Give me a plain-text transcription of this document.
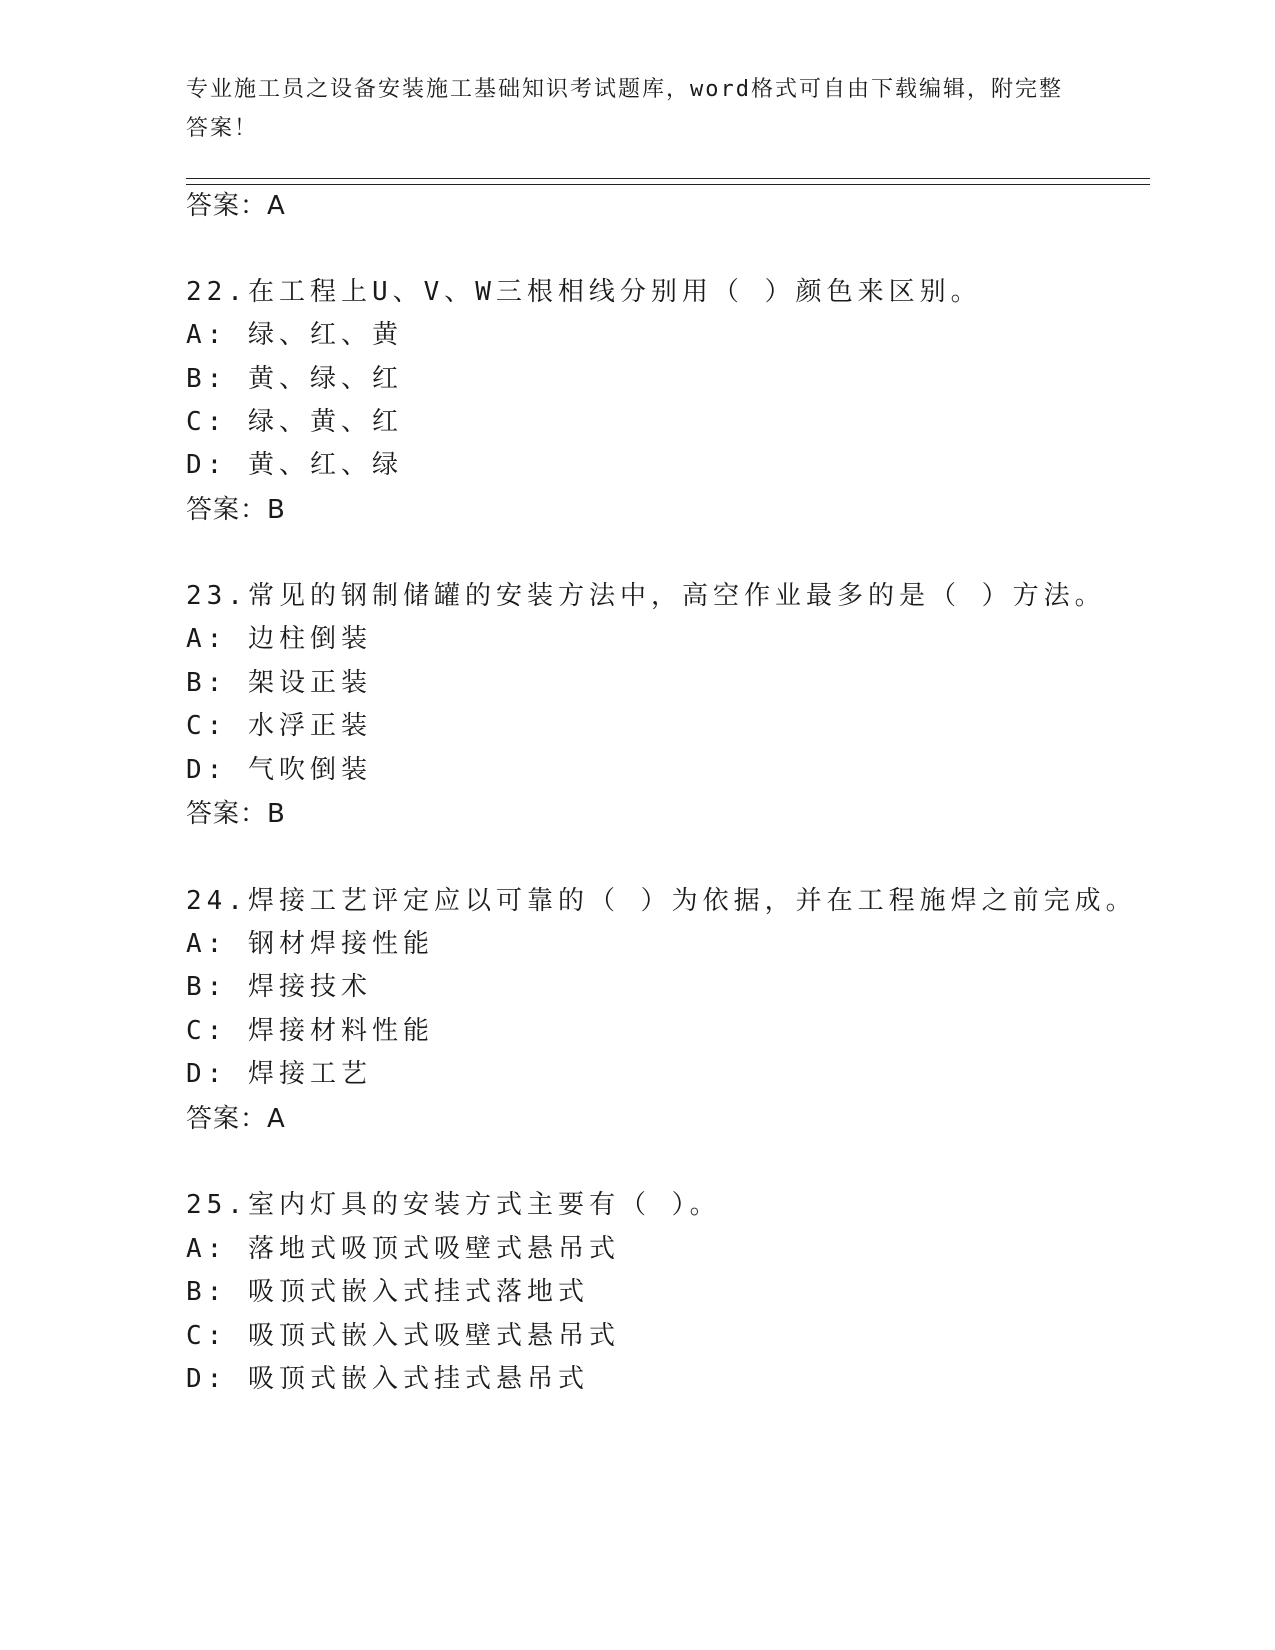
专业施工员之设备安装施工基础知识考试题库，word格式可自由下载编辑，附完整答案！
答案：A
22.在工程上U、V、W三根相线分别用（ ）颜色来区别。
A: 绿、红、黄
B: 黄、绿、红
C: 绿、黄、红
D: 黄、红、绿
答案：B
23.常见的钢制储罐的安装方法中，高空作业最多的是（ ）方法。
A: 边柱倒装
B: 架设正装
C: 水浮正装
D: 气吹倒装
答案：B
24.焊接工艺评定应以可靠的（ ）为依据，并在工程施焊之前完成。
A: 钢材焊接性能
B: 焊接技术
C: 焊接材料性能
D: 焊接工艺
答案：A
25.室内灯具的安装方式主要有（ ）。
A: 落地式吸顶式吸壁式悬吊式
B: 吸顶式嵌入式挂式落地式
C: 吸顶式嵌入式吸壁式悬吊式
D: 吸顶式嵌入式挂式悬吊式
